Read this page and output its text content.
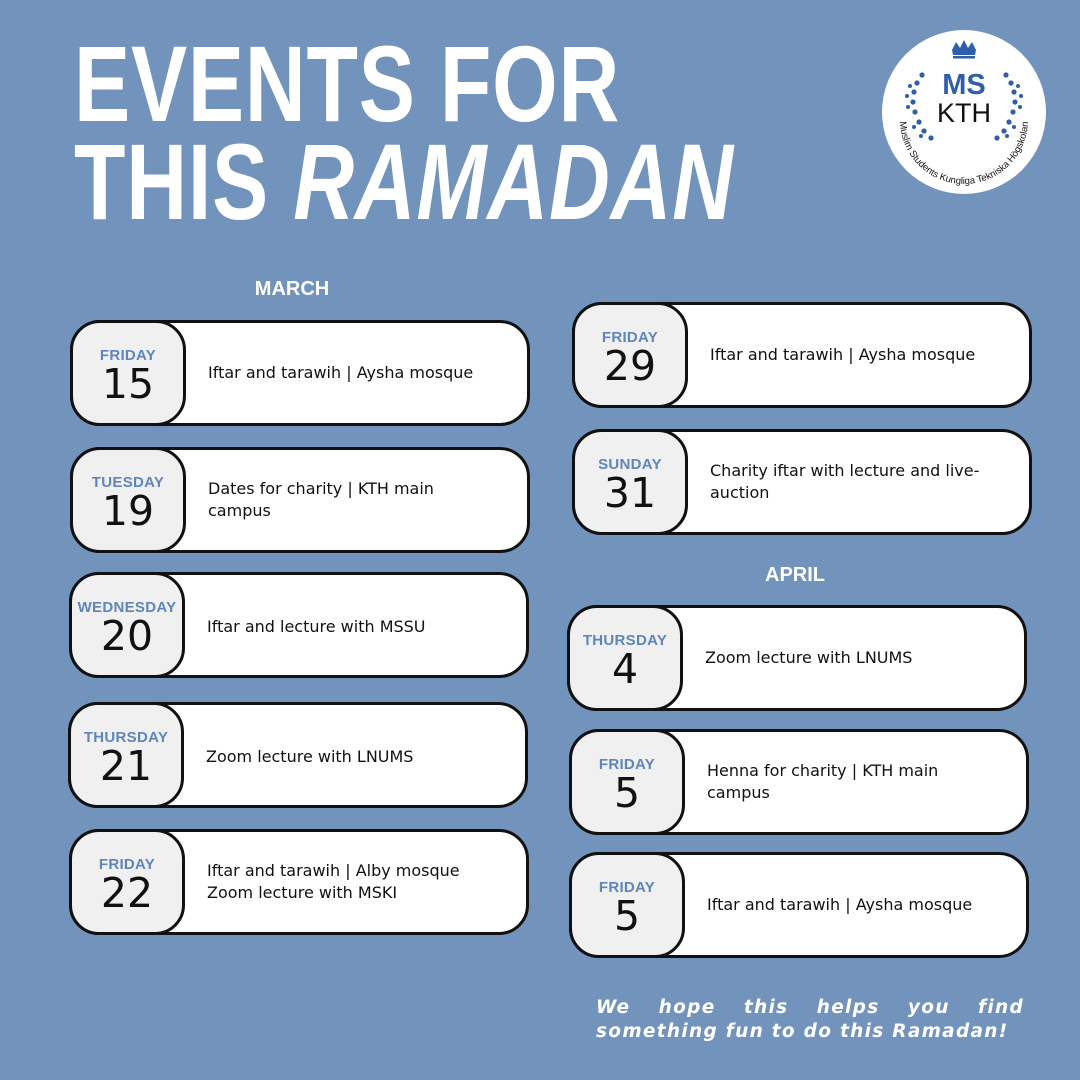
EVENTS FOR
THIS RAMADAN
MS
KTH
Muslim Students Kungliga Tekniska Högskolan
MARCH
APRIL
FRIDAY
15	Iftar and tarawih | Aysha mosque
TUESDAY
19	Dates for charity | KTH main campus
WEDNESDAY
20	Iftar and lecture with MSSU
THURSDAY
21	Zoom lecture with LNUMS
FRIDAY
22	Iftar and tarawih | Alby mosque
Zoom lecture with MSKI
FRIDAY
29	Iftar and tarawih | Aysha mosque
SUNDAY
31	Charity iftar with lecture and live-
auction
THURSDAY
4	Zoom lecture with LNUMS
FRIDAY
5	Henna for charity | KTH main campus
FRIDAY
5	Iftar and tarawih | Aysha mosque

We hope this helps you find something fun to do this Ramadan!
